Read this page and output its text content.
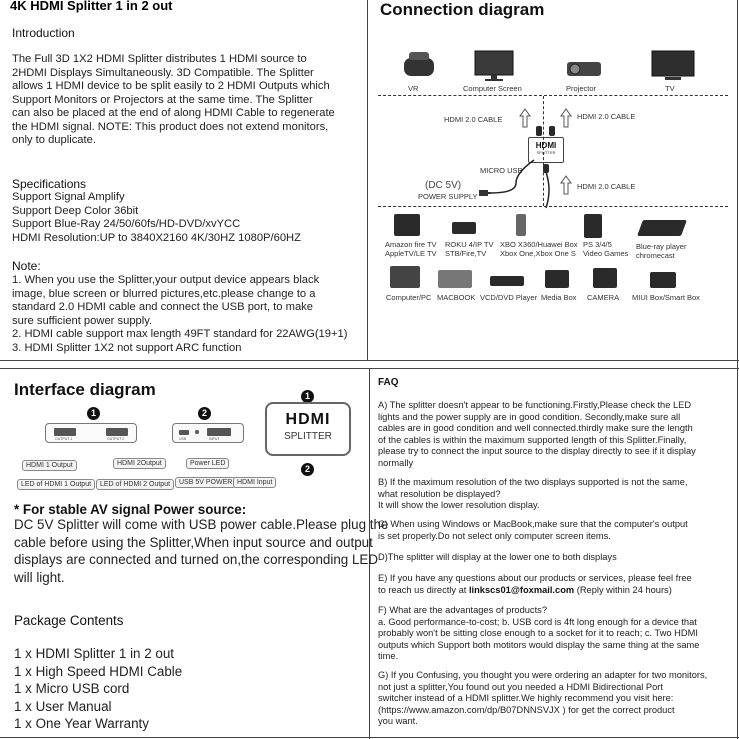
4K HDMI Splitter 1 in 2 out
Introduction
The Full 3D 1X2 HDMI Splitter distributes 1 HDMI source to
2HDMI Displays Simultaneously. 3D Compatible. The Splitter
allows 1 HDMI device to be split easily to 2 HDMI Outputs which
Support Monitors or Projectors at the same time. The Splitter
can also be placed at the end of along HDMI Cable to regenerate
the HDMI signal. NOTE: This product does not extend monitors,
only to duplicate.
Specifications
Support Signal Amplify
Support Deep Color 36bit
Support Blue-Ray 24/50/60fs/HD-DVD/xvYCC
HDMI Resolution:UP to 3840X2160 4K/30HZ 1080P/60HZ
Note:
1. When you use the Splitter,your output device appears black
image, blue screen or blurred pictures,etc.please change to a
standard 2.0 HDMI cable and connect the USB port, to make
sure sufficient power supply.
2. HDMI cable support max length 49FT standard for 22AWG(19+1)
3. HDMI Splitter 1X2 not support ARC function
Connection diagram
VR	Computer Screen	Projector	TV
HDMI 2.0 CABLE	HDMI 2.0 CABLE
HDMI
SPLITTER
MICRO USB
HDMI 2.0 CABLE
(DC 5V)
POWER SUPPLY
Amazon fire TV
AppleTV/LE TV
ROKU 4/IP TV
STB/Fire,TV
XBO X360/Huawei Box
Xbox One,Xbox One S
PS 3/4/5
Video Games
Blue-ray player
chromecast
Computer/PC MACBOOK VCD/DVD Player Media Box CAMERA MIUI Box/Smart Box
Interface diagram
1	2
1
2
OUTPUT 1	OUTPUT 2	USB	INPUT
HDMI 1 Output	HDMI 2Output	Power LED
LED of HDMI 1 Output	LED of HDMI 2 Output	USB 5V POWER HDMI Input
HDMI
SPLITTER
* For stable AV signal Power source:
DC 5V Splitter will come with USB power cable.Please plug the
cable before using the Splitter,When input source and output
displays are connected and turned on,the corresponding LED
will light.
Package Contents
1 x HDMI Splitter 1 in 2 out
1 x High Speed HDMI Cable
1 x Micro USB cord
1 x User Manual
1 x One Year Warranty
FAQ
A) The splitter doesn't appear to be functioning.Firstly,Please check the LED
lights and the power supply are in good condition. Secondly,make sure all
cables are in good condition and well connected.thirdly make sure the length
of the cables is within the maximum supported length of this Splitter.Finally,
please try to connect the input source to the display directly to see if it display
normally
B) If the maximum resolution of the two displays supported is not the same,
what resolution be displayed?
It will show the lower resolution display.
C) When using Windows or MacBook,make sure that the computer's output
is set properly.Do not select only computer screen items.
D)The splitter will display at the lower one to both displays
E) If you have any questions about our products or services, please feel free
to reach us directly at linkscs01@foxmail.com (Reply within 24 hours)
F) What are the advantages of products?
a. Good performance-to-cost; b. USB cord is 4ft long enough for a device that
probably won't be sitting close enough to a socket for it to reach; c. Two HDMI
outputs which Support both motitors would display the same thing at the same
time.
G) If you Confusing, you thought you were ordering an adapter for two monitors,
not just a splitter,You found out you needed a HDMI Bidirectional Port
switcher instead of a HDMI splitter.We highly recommend you visit here:
(https://www.amazon.com/dp/B07DNNSVJX ) for get the correct product
you want.
